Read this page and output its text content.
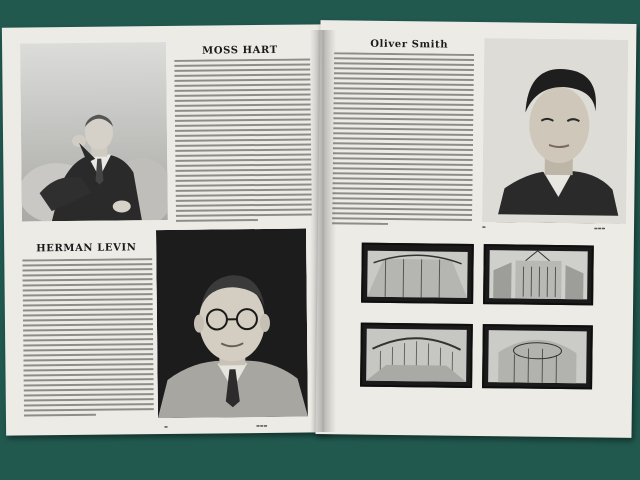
MOSS HART
HERMAN LEVIN
▬▬▬
▬
Oliver Smith
▬	▬▬▬
